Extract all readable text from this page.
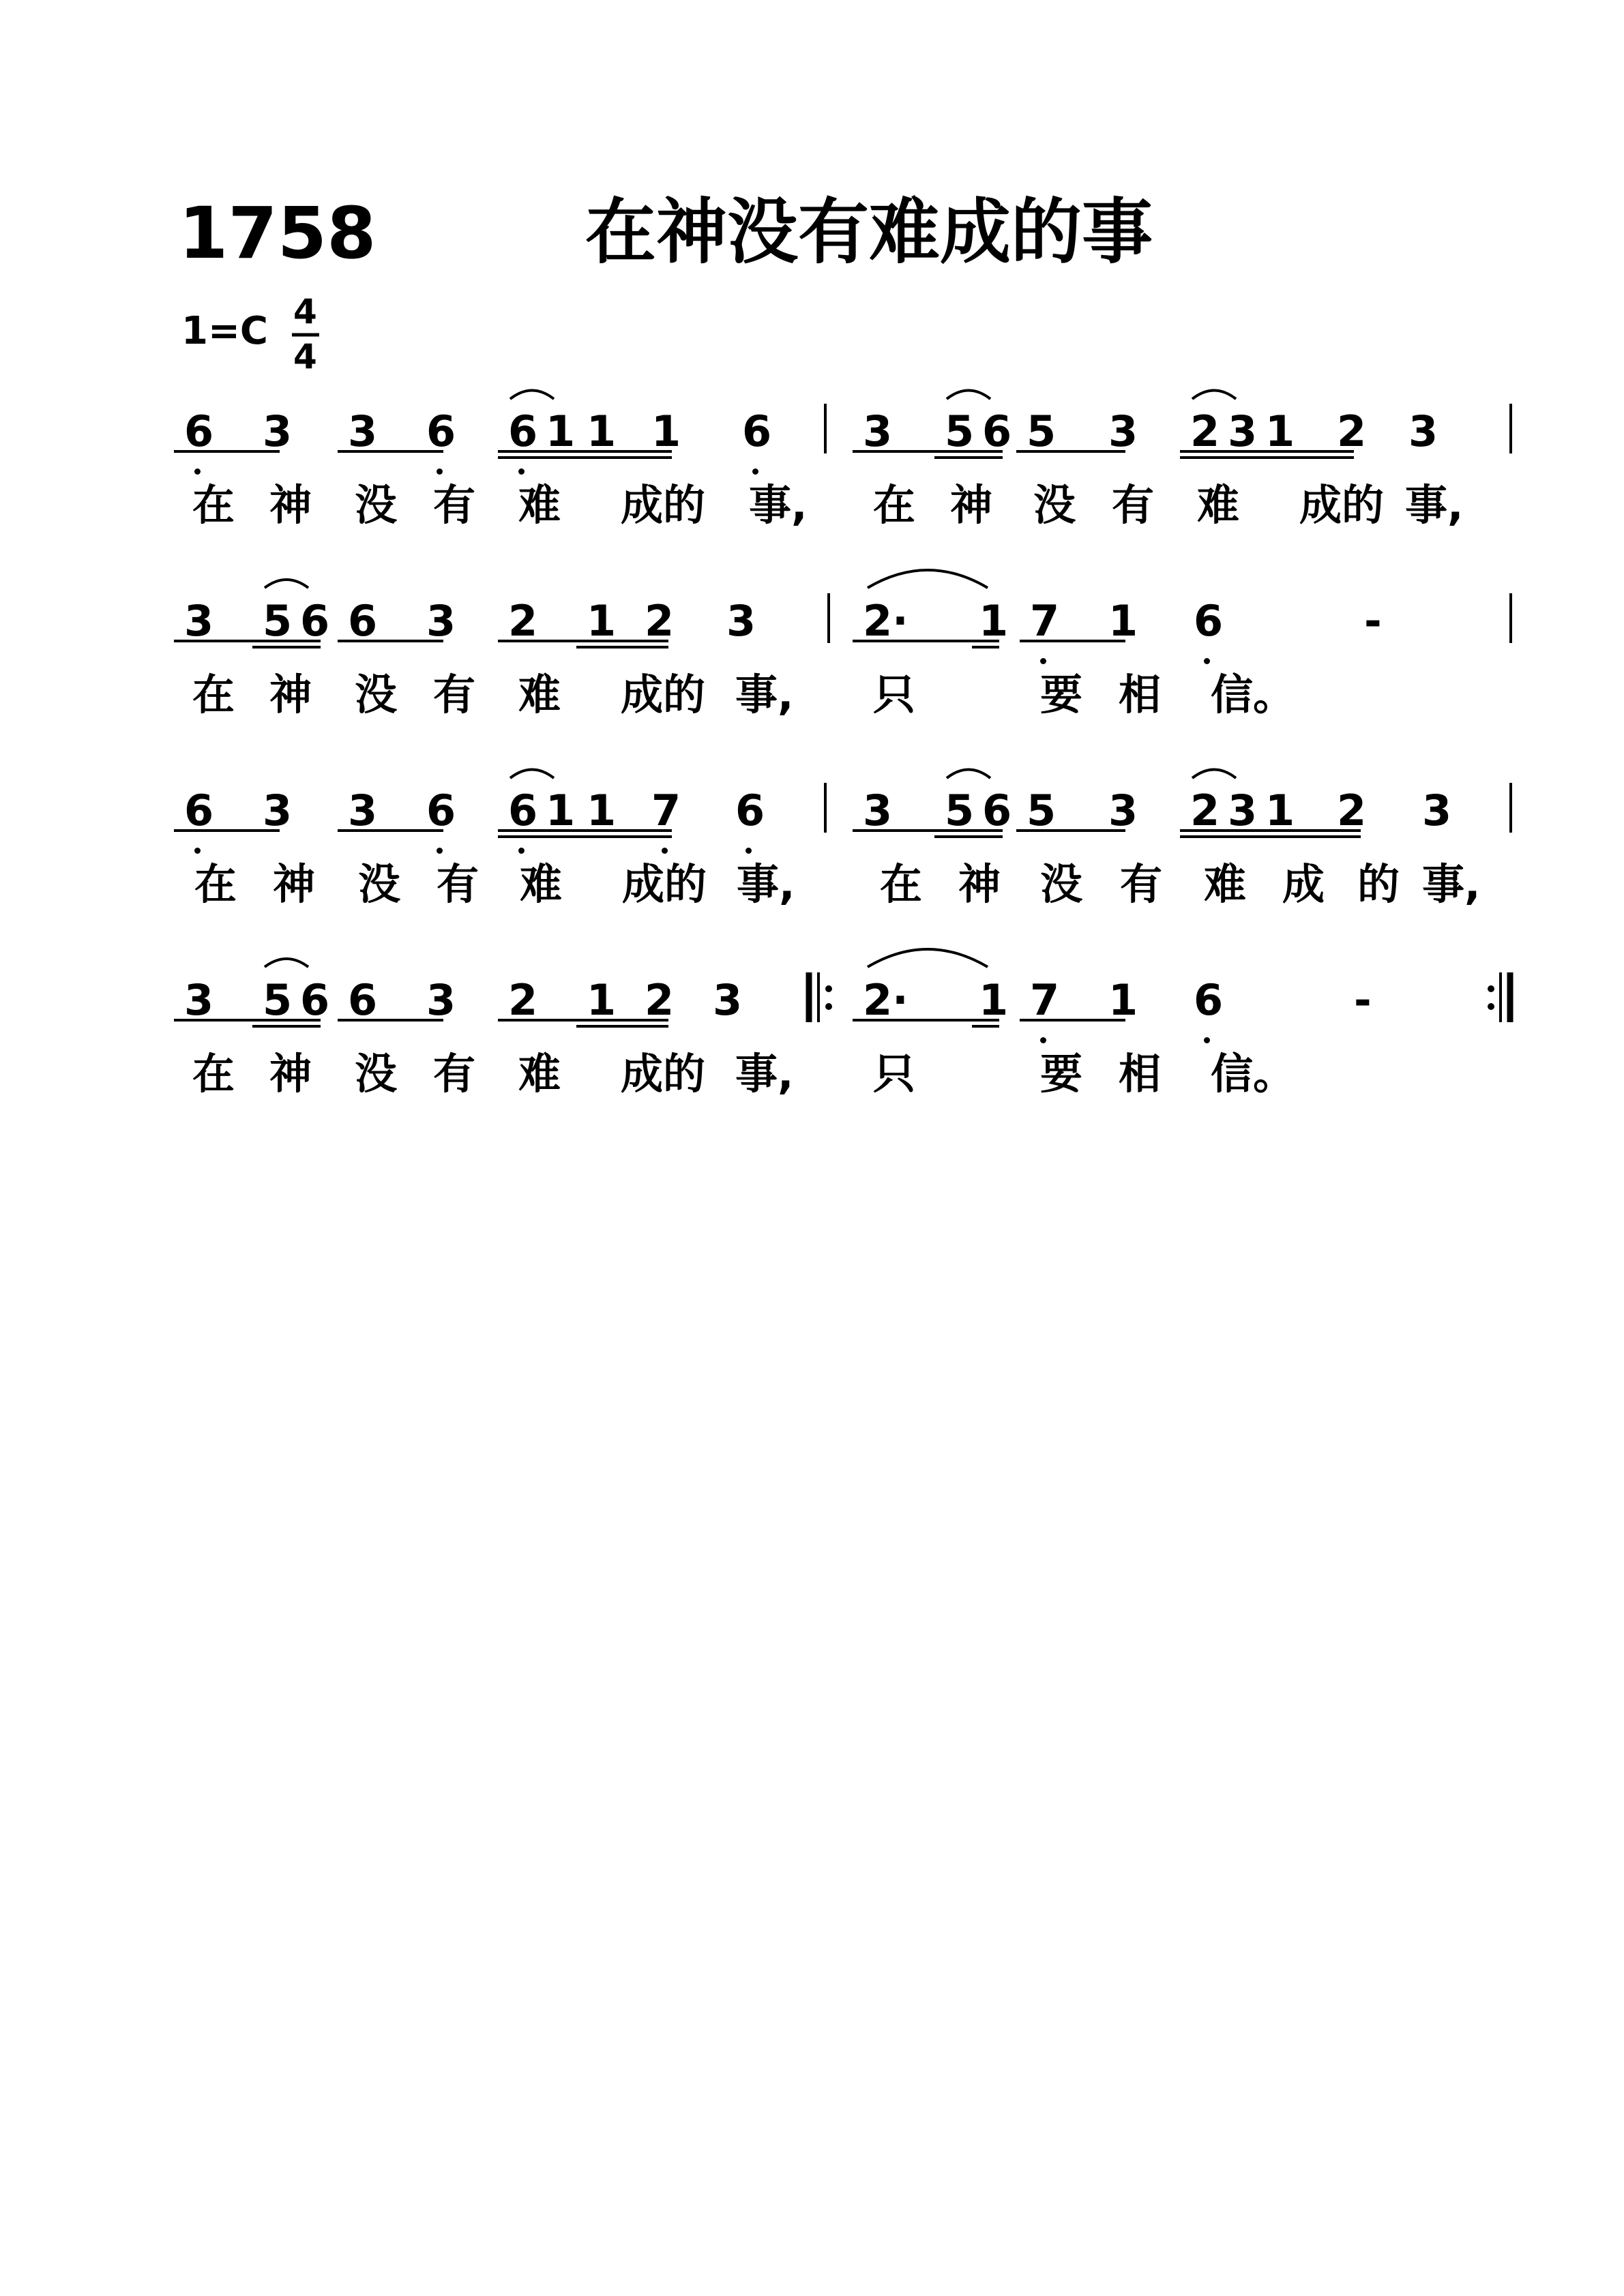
1758	在神没有难成的事
1=C 4
4
6 3 3 6 6 1 1 1 6 3 5 6 5 3 2 3 1 2 3
在 神 没 有 难 成的 事, 在 神 没 有 难 成的 事,
3 5 6 6 3 2 1 2 3	2· 1 7 1 6	-
在 神 没 有 难 成的 事, 只	要 相 信。
6 3 3 6 6 1 1 7 6 3 5 6 5 3 2 3 1 2 3
在 神 没 有 难 成的 事, 在 神 没 有 难 成 的 事,
3 5 6 6 3 2 1 2 3	2· 1 7 1 6	-
在 神 没 有 难 成的 事, 只	要 相 信。
